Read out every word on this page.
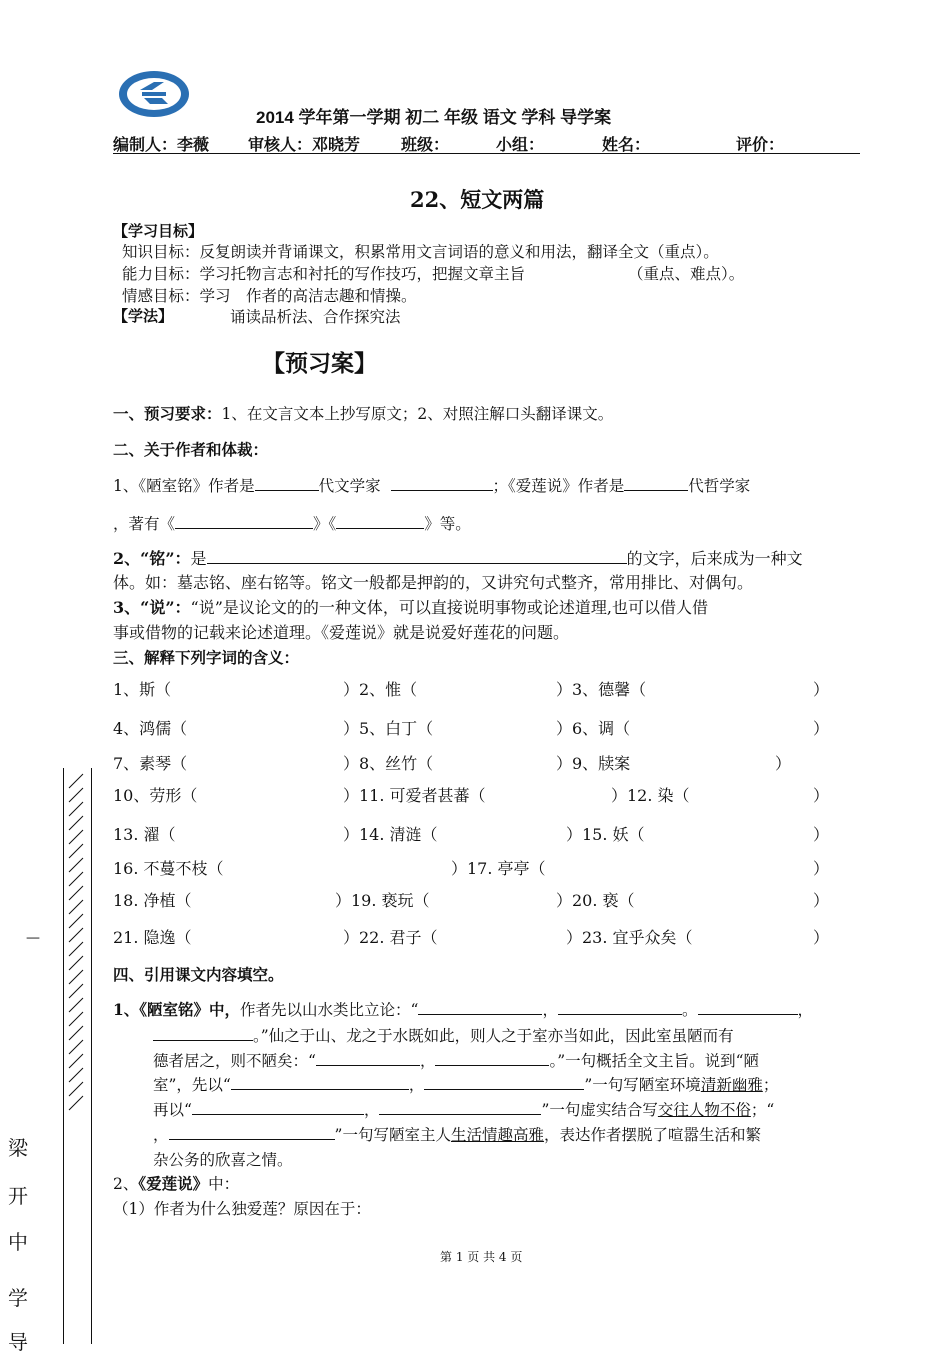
2014 学年第一学期 初二 年级 语文 学科 导学案
编制人：李薇 审核人：邓晓芳	班级：	小组：	姓名：	评价：
22、短文两篇
【学习目标】
知识目标：反复朗读并背诵课文，积累常用文言词语的意义和用法，翻译全文（重点）。
能力目标：学习托物言志和衬托的写作技巧，把握文章主旨	（重点、难点）。
情感目标：学习　作者的高洁志趣和情操。
【学法】	诵读品析法、合作探究法
【预习案】
一、预习要求：1、在文言文本上抄写原文；2、对照注解口头翻译课文。
二、关于作者和体裁：
1、《陋室铭》作者是	代文学家	；《爱莲说》作者是	代哲学家
，著有《	》《	》等。
2、“铭”：是	的文字，后来成为一种文
体。如：墓志铭、座右铭等。铭文一般都是押韵的，又讲究句式整齐，常用排比、对偶句。
3、“说”：“说”是议论文的的一种文体，可以直接说明事物或论述道理,也可以借人借
事或借物的记载来论述道理。《爱莲说》就是说爱好莲花的问题。
三、解释下列字词的含义：
1、斯（	）2、惟（	）3、德馨（	）
4、鸿儒（	）5、白丁（	）6、调（	）
7、素琴（	）8、丝竹（	）9、牍案	）
10、劳形（	）11. 可爱者甚蕃（	）12. 染（	）
13. 濯（	）14. 清涟（	）15. 妖（	）
16. 不蔓不枝（	）17. 亭亭（	）
18. 净植（	）19. 亵玩（	）20. 亵（	）
21. 隐逸（	）22. 君子（	）23. 宜乎众矣（	）
四、引用课文内容填空。
1、《陋室铭》中，作者先以山水类比立论：“	，	。	，
。”仙之于山、龙之于水既如此，则人之于室亦当如此，因此室虽陋而有
德者居之，则不陋矣：“	，	。”一句概括全文主旨。说到“陋
室”，先以“	，	”一句写陋室环境清新幽雅；
再以“	，	”一句虚实结合写交往人物不俗；“
，	”一句写陋室主人生活情趣高雅，表达作者摆脱了喧嚣生活和繁
杂公务的欣喜之情。
2、《爱莲说》中：
（1）作者为什么独爱莲？原因在于：
第 1 页 共 4 页
—
梁
开
中
学
导
